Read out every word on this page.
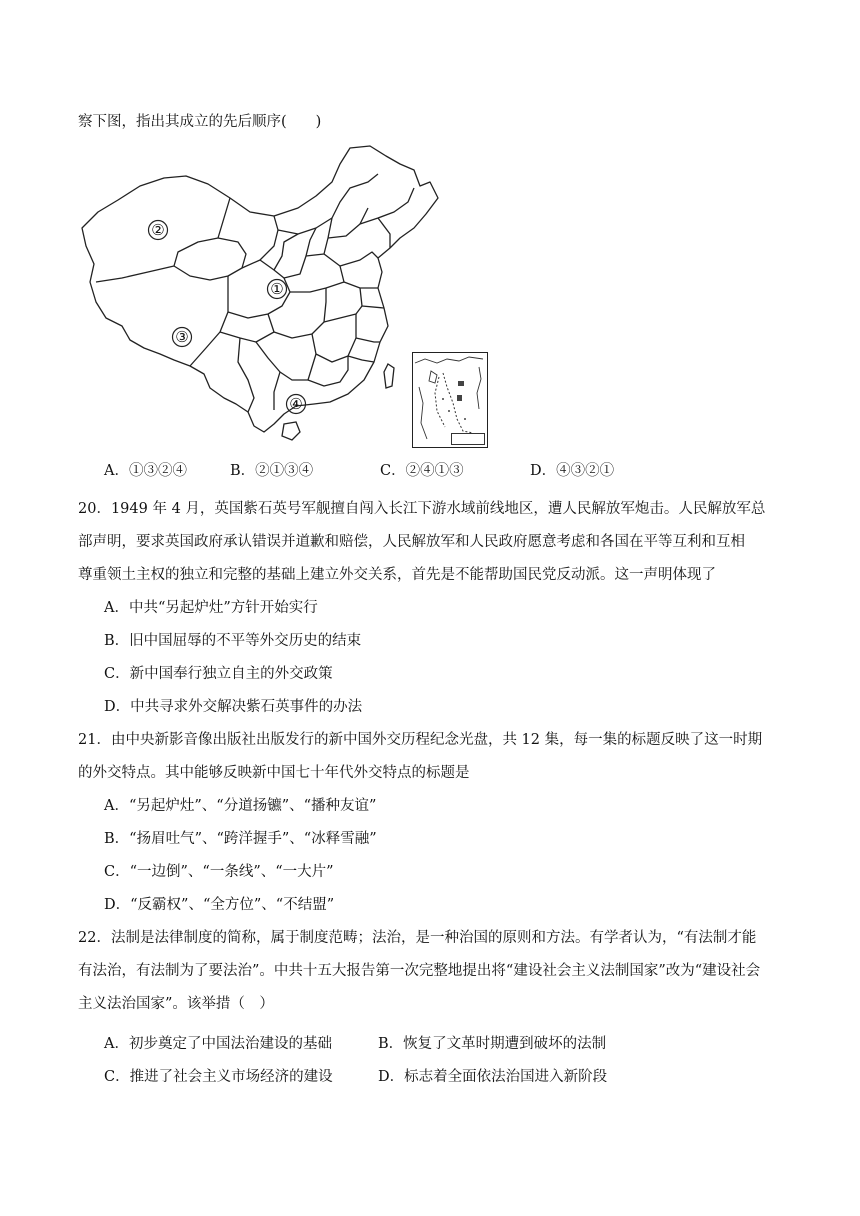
察下图，指出其成立的先后顺序(　　)
②
①
③
④
A．①③②④	B．②①③④	C．②④①③	D．④③②①
20．1949 年 4 月，英国紫石英号军舰擅自闯入长江下游水域前线地区，遭人民解放军炮击。人民解放军总
部声明，要求英国政府承认错误并道歉和赔偿，人民解放军和人民政府愿意考虑和各国在平等互利和互相
尊重领土主权的独立和完整的基础上建立外交关系，首先是不能帮助国民党反动派。这一声明体现了
A．中共“另起炉灶”方针开始实行
B．旧中国屈辱的不平等外交历史的结束
C．新中国奉行独立自主的外交政策
D．中共寻求外交解决紫石英事件的办法
21．由中央新影音像出版社出版发行的新中国外交历程纪念光盘，共 12 集，每一集的标题反映了这一时期
的外交特点。其中能够反映新中国七十年代外交特点的标题是
A．“另起炉灶”、“分道扬镳”、“播种友谊”
B．“扬眉吐气”、“跨洋握手”、“冰释雪融”
C．“一边倒”、“一条线”、“一大片”
D．“反霸权”、“全方位”、“不结盟”
22．法制是法律制度的简称，属于制度范畴；法治，是一种治国的原则和方法。有学者认为，“有法制才能
有法治，有法制为了要法治”。中共十五大报告第一次完整地提出将“建设社会主义法制国家”改为“建设社会
主义法治国家”。该举措（　）
A．初步奠定了中国法治建设的基础	B．恢复了文革时期遭到破坏的法制
C．推进了社会主义市场经济的建设	D．标志着全面依法治国进入新阶段
